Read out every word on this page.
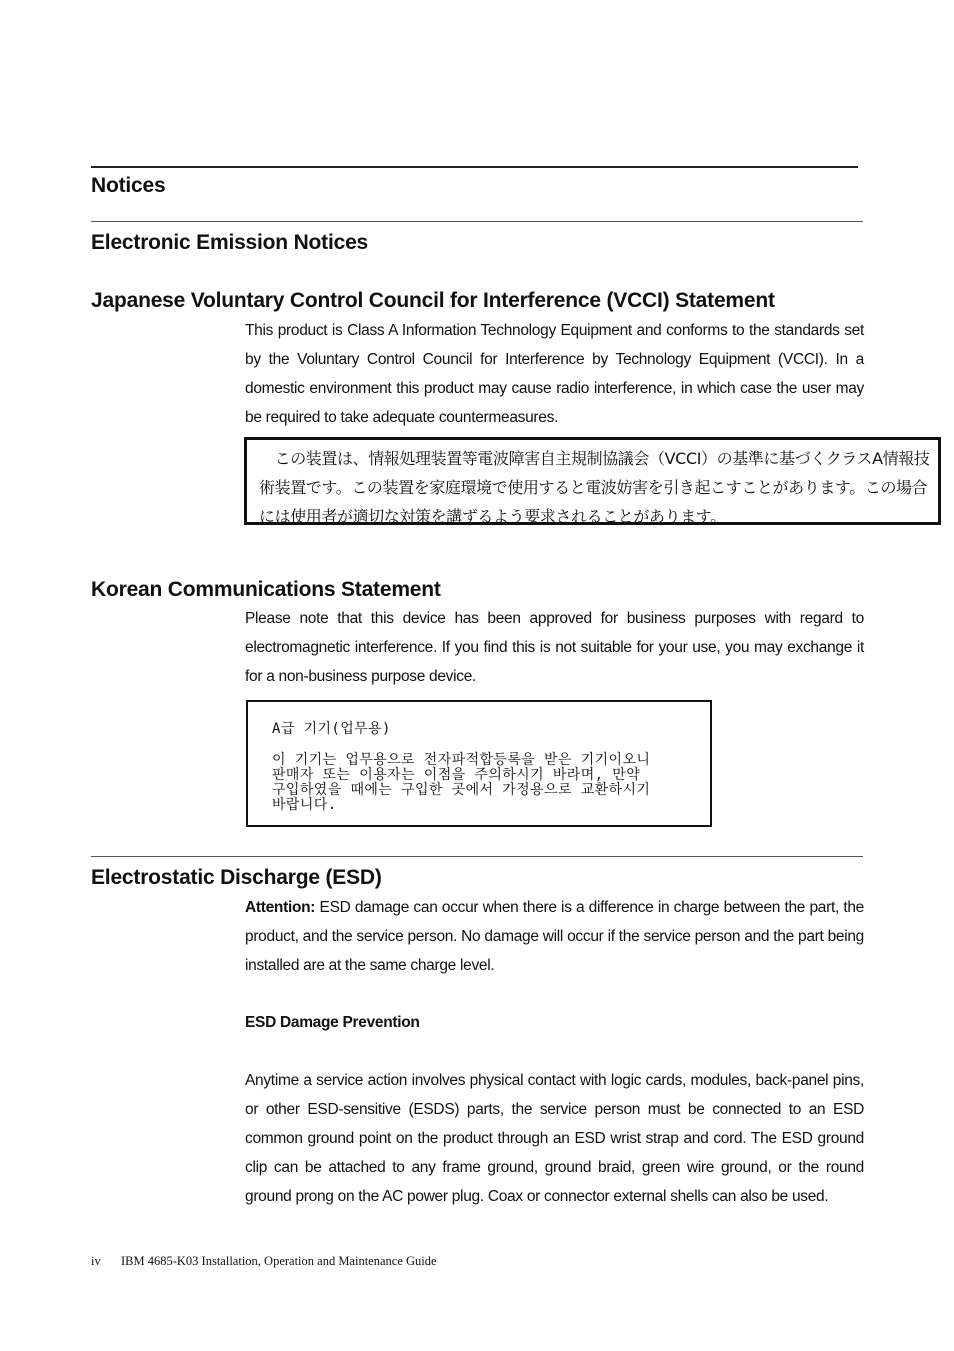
Notices
Electronic Emission Notices
Japanese Voluntary Control Council for Interference (VCCI) Statement

This product is Class A Information Technology Equipment and conforms to the standards set by the Voluntary Control Council for Interference by Technology Equipment (VCCI). In a domestic environment this product may cause radio interference, in which case the user may be required to take adequate countermeasures.

　この装置は、情報処理装置等電波障害自主規制協議会（VCCI）の基準に基づくクラスA情報技術装置です。この装置を家庭環境で使用すると電波妨害を引き起こすことがあります。この場合には使用者が適切な対策を講ずるよう要求されることがあります。
Korean Communications Statement

Please note that this device has been approved for business purposes with regard to electromagnetic interference. If you find this is not suitable for your use, you may exchange it for a non-business purpose device.

A급 기기(업무용)
이 기기는 업무용으로 전자파적합등록을 받은 기기이오니
판매자 또는 이용자는 이점을 주의하시기 바라며, 만약
구입하였을 때에는 구입한 곳에서 가정용으로 교환하시기
바랍니다.
Electrostatic Discharge (ESD)

Attention: ESD damage can occur when there is a difference in charge between the part, the product, and the service person. No damage will occur if the service person and the part being installed are at the same charge level.

ESD Damage Prevention

Anytime a service action involves physical contact with logic cards, modules, back-panel pins, or other ESD-sensitive (ESDS) parts, the service person must be connected to an ESD common ground point on the product through an ESD wrist strap and cord. The ESD ground clip can be attached to any frame ground, ground braid, green wire ground, or the round ground prong on the AC power plug. Coax or connector external shells can also be used.

iv IBM 4685-K03 Installation, Operation and Maintenance Guide
